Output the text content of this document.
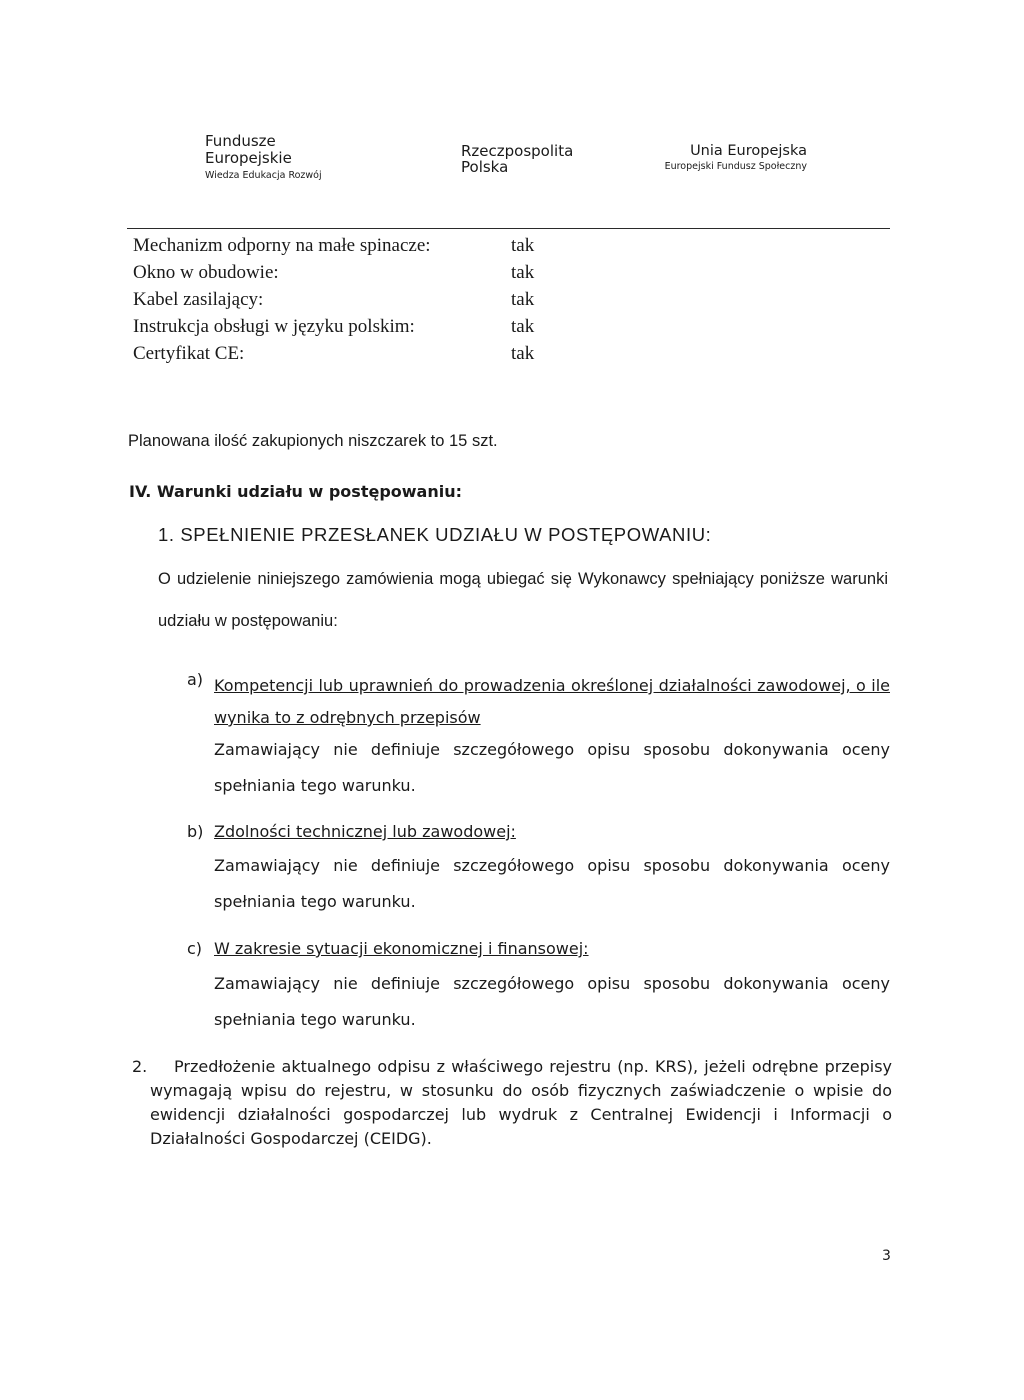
Fundusze
Europejskie
Wiedza Edukacja Rozwój
Rzeczpospolita
Polska
Unia Europejska
Europejski Fundusz Społeczny
Mechanizm odporny na małe spinacze:	tak
Okno w obudowie:	tak
Kabel zasilający:	tak
Instrukcja obsługi w języku polskim:	tak
Certyfikat CE:	tak
Planowana ilość zakupionych niszczarek to 15 szt.
IV. Warunki udziału w postępowaniu:
1. SPEŁNIENIE PRZESŁANEK UDZIAŁU W POSTĘPOWANIU:
O udzielenie niniejszego zamówienia mogą ubiegać się Wykonawcy spełniający poniższe warunki udziału w postępowaniu:
a) Kompetencji lub uprawnień do prowadzenia określonej działalności zawodowej, o ile wynika to z odrębnych przepisów
Zamawiający nie definiuje szczegółowego opisu sposobu dokonywania oceny spełniania tego warunku.
b) Zdolności technicznej lub zawodowej:
Zamawiający nie definiuje szczegółowego opisu sposobu dokonywania oceny spełniania tego warunku.
c) W zakresie sytuacji ekonomicznej i finansowej:
Zamawiający nie definiuje szczegółowego opisu sposobu dokonywania oceny spełniania tego warunku.
2.	Przedłożenie aktualnego odpisu z właściwego rejestru (np. KRS), jeżeli odrębne przepisy wymagają wpisu do rejestru, w stosunku do osób fizycznych zaświadczenie o wpisie do ewidencji działalności gospodarczej lub wydruk z Centralnej Ewidencji i Informacji o Działalności Gospodarczej (CEIDG).
3
